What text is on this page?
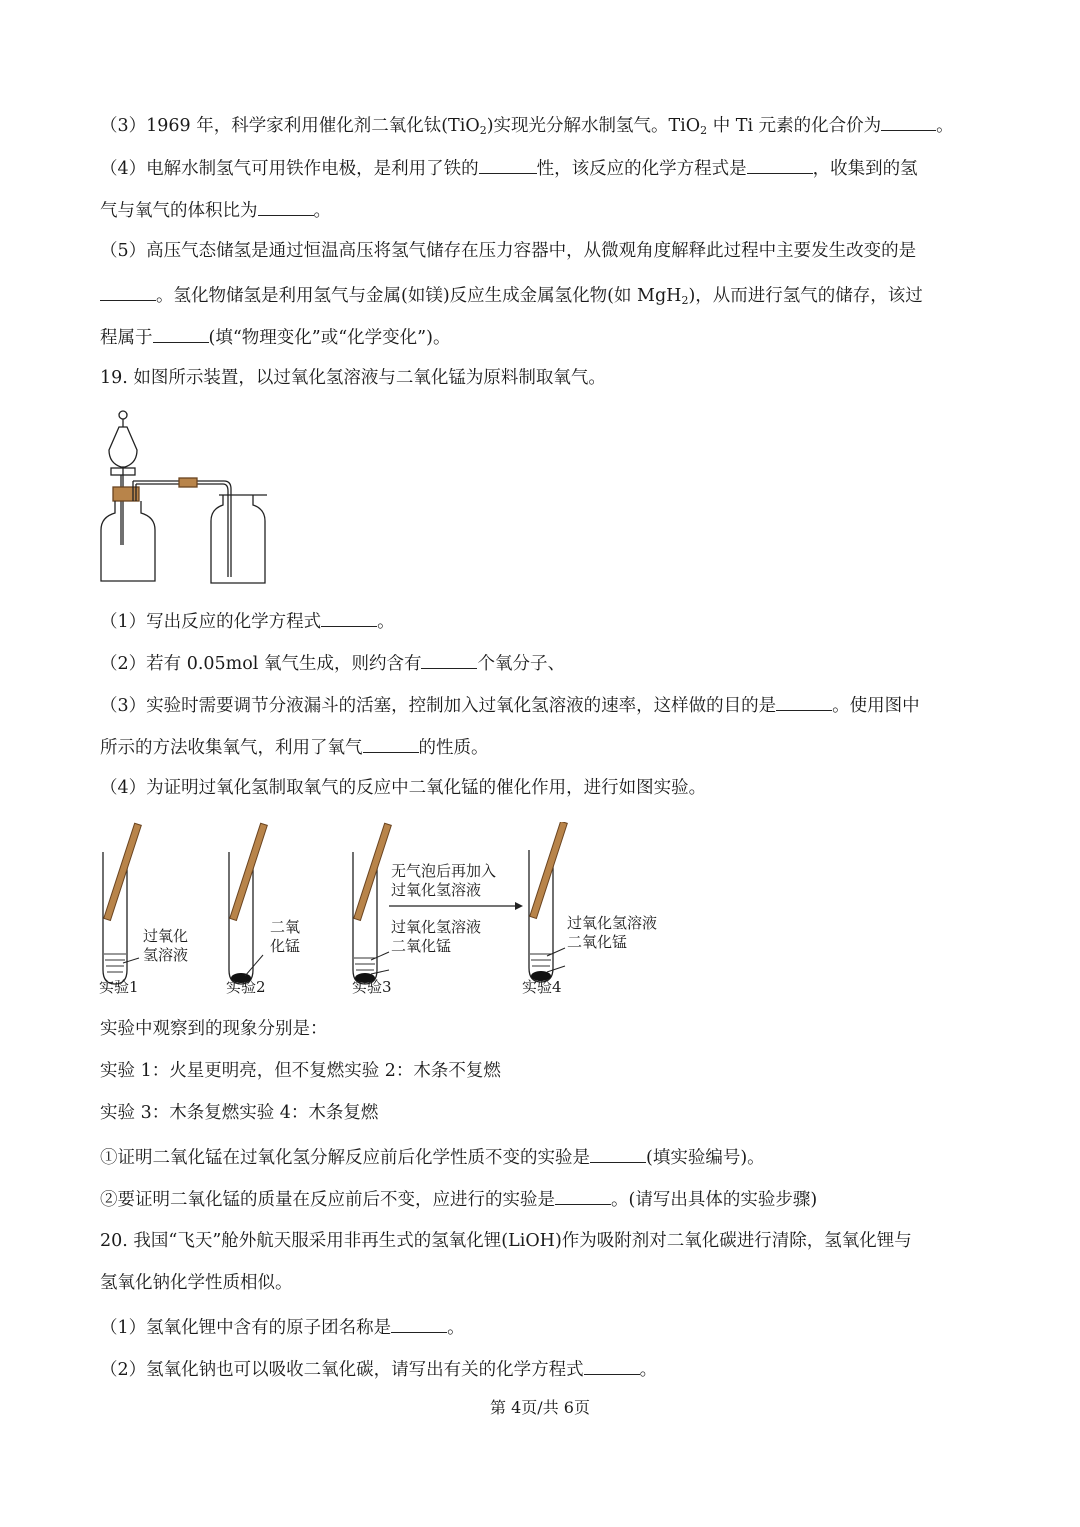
（3）1969 年，科学家利用催化剂二氧化钛(TiO$_2$)实现光分解水制氢气。TiO$_2$ 中 Ti 元素的化合价为	。
（4）电解水制氢气可用铁作电极，是利用了铁的	性，该反应的化学方程式是	，收集到的氢
气与氧气的体积比为	。
（5）高压气态储氢是通过恒温高压将氢气储存在压力容器中，从微观角度解释此过程中主要发生改变的是
。氢化物储氢是利用氢气与金属(如镁)反应生成金属氢化物(如 MgH$_2$)，从而进行氢气的储存，该过
程属于	(填“物理变化”或“化学变化”)。
19. 如图所示装置，以过氧化氢溶液与二氧化锰为原料制取氧气。
（1）写出反应的化学方程式	。
（2）若有 0.05mol 氧气生成，则约含有	个氧分子、
（3）实验时需要调节分液漏斗的活塞，控制加入过氧化氢溶液的速率，这样做的目的是	。使用图中
所示的方法收集氧气，利用了氧气	的性质。
（4）为证明过氧化氢制取氧气的反应中二氧化锰的催化作用，进行如图实验。
过氧化
氢溶液
二氧
化锰
过氧化氢溶液
二氧化锰
无气泡后再加入
过氧化氢溶液
过氧化氢溶液
二氧化锰
实验1	实验2	实验3	实验4
实验中观察到的现象分别是：
实验 1：火星更明亮，但不复燃实验 2：木条不复燃
实验 3：木条复燃实验 4：木条复燃
①证明二氧化锰在过氧化氢分解反应前后化学性质不变的实验是	(填实验编号)。
②要证明二氧化锰的质量在反应前后不变，应进行的实验是	。(请写出具体的实验步骤)
20. 我国“飞天”舱外航天服采用非再生式的氢氧化锂(LiOH)作为吸附剂对二氧化碳进行清除，氢氧化锂与
氢氧化钠化学性质相似。
（1）氢氧化锂中含有的原子团名称是	。
（2）氢氧化钠也可以吸收二氧化碳，请写出有关的化学方程式	。
第 4页/共 6页
